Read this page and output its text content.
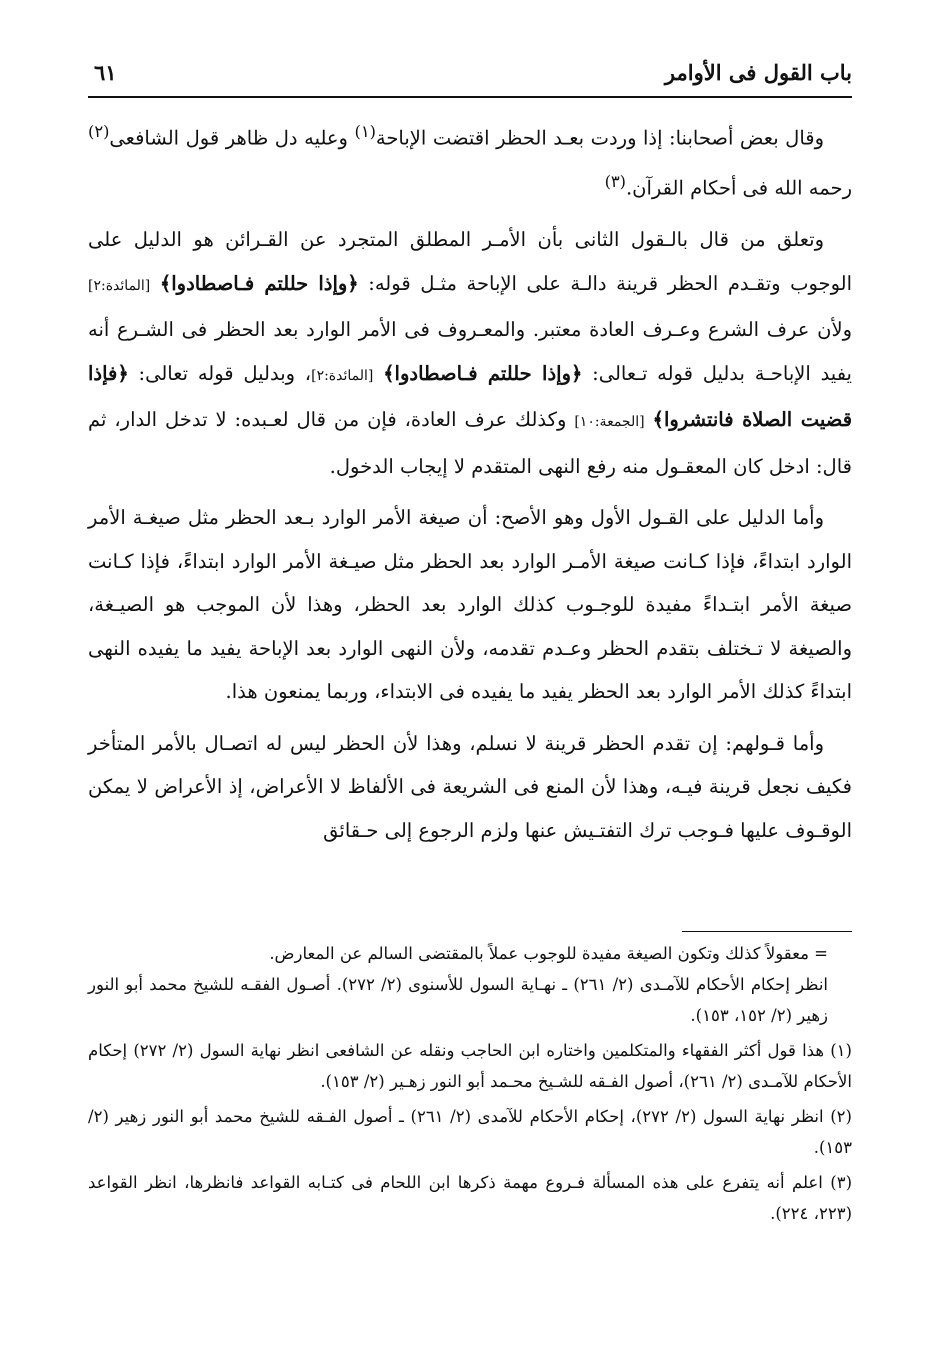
باب القول فى الأوامر
٦١

وقال بعض أصحابنا: إذا وردت بعـد الحظر اقتضت الإباحة$^{(١)}$ وعليه دل ظاهر قول الشافعى$^{(٢)}$ رحمه الله فى أحكام القرآن.$^{(٣)}$

وتعلق من قال بالـقول الثانى بأن الأمـر المطلق المتجرد عن القـرائن هو الدليل على الوجوب وتقـدم الحظر قرينة دالـة على الإباحة مثـل قوله: ﴿وإذا حللتم فـاصطادوا﴾ [المائدة:٢] ولأن عرف الشرع وعـرف العادة معتبر. والمعـروف فى الأمر الوارد بعد الحظر فى الشـرع أنه يفيد الإباحـة بدليل قوله تـعالى: ﴿وإذا حللتم فـاصطادوا﴾ [المائدة:٢]، وبدليل قوله تعالى: ﴿فإذا قضيت الصلاة فانتشروا﴾ [الجمعة:١٠] وكذلك عرف العادة، فإن من قال لعـبده: لا تدخل الدار، ثم قال: ادخل كان المعقـول منه رفع النهى المتقدم لا إيجاب الدخول.

وأما الدليل على القـول الأول وهو الأصح: أن صيغة الأمر الوارد بـعد الحظر مثل صيغـة الأمر الوارد ابتداءً، فإذا كـانت صيغة الأمـر الوارد بعد الحظر مثل صيـغة الأمر الوارد ابتداءً، فإذا كـانت صيغة الأمر ابتـداءً مفيدة للوجـوب كذلك الوارد بعد الحظر، وهذا لأن الموجب هو الصيـغة، والصيغة لا تـختلف بتقدم الحظر وعـدم تقدمه، ولأن النهى الوارد بعد الإباحة يفيد ما يفيده النهى ابتداءً كذلك الأمر الوارد بعد الحظر يفيد ما يفيده فى الابتداء، وربما يمنعون هذا.

وأما قـولهم: إن تقدم الحظر قرينة لا نسلم، وهذا لأن الحظر ليس له اتصـال بالأمر المتأخر فكيف نجعل قرينة فيـه، وهذا لأن المنع فى الشريعة فى الألفاظ لا الأعراض، إذ الأعراض لا يمكن الوقـوف عليها فـوجب ترك التفتـيش عنها ولزم الرجوع إلى حـقائق

= معقولاً كذلك وتكون الصيغة مفيدة للوجوب عملاً بالمقتضى السالم عن المعارض.

انظر إحكام الأحكام للآمـدى (٢/ ٢٦١) ـ نهـاية السول للأسنوى (٢/ ٢٧٢). أصـول الفقـه للشيخ محمد أبو النور زهير (٢/ ١٥٢، ١٥٣).

(١) هذا قول أكثر الفقهاء والمتكلمين واختاره ابن الحاجب ونقله عن الشافعى انظر نهاية السول (٢/ ٢٧٢) إحكام الأحكام للآمـدى (٢/ ٢٦١)، أصول الفـقه للشـيخ محـمد أبو النور زهـير (٢/ ١٥٣).

(٢) انظر نهاية السول (٢/ ٢٧٢)، إحكام الأحكام للآمدى (٢/ ٢٦١) ـ أصول الفـقه للشيخ محمد أبو النور زهير (٢/ ١٥٣).

(٣) اعلم أنه يتفرع على هذه المسألة فـروع مهمة ذكرها ابن اللحام فى كتـابه القواعد فانظرها، انظر القواعد (٢٢٣، ٢٢٤).
